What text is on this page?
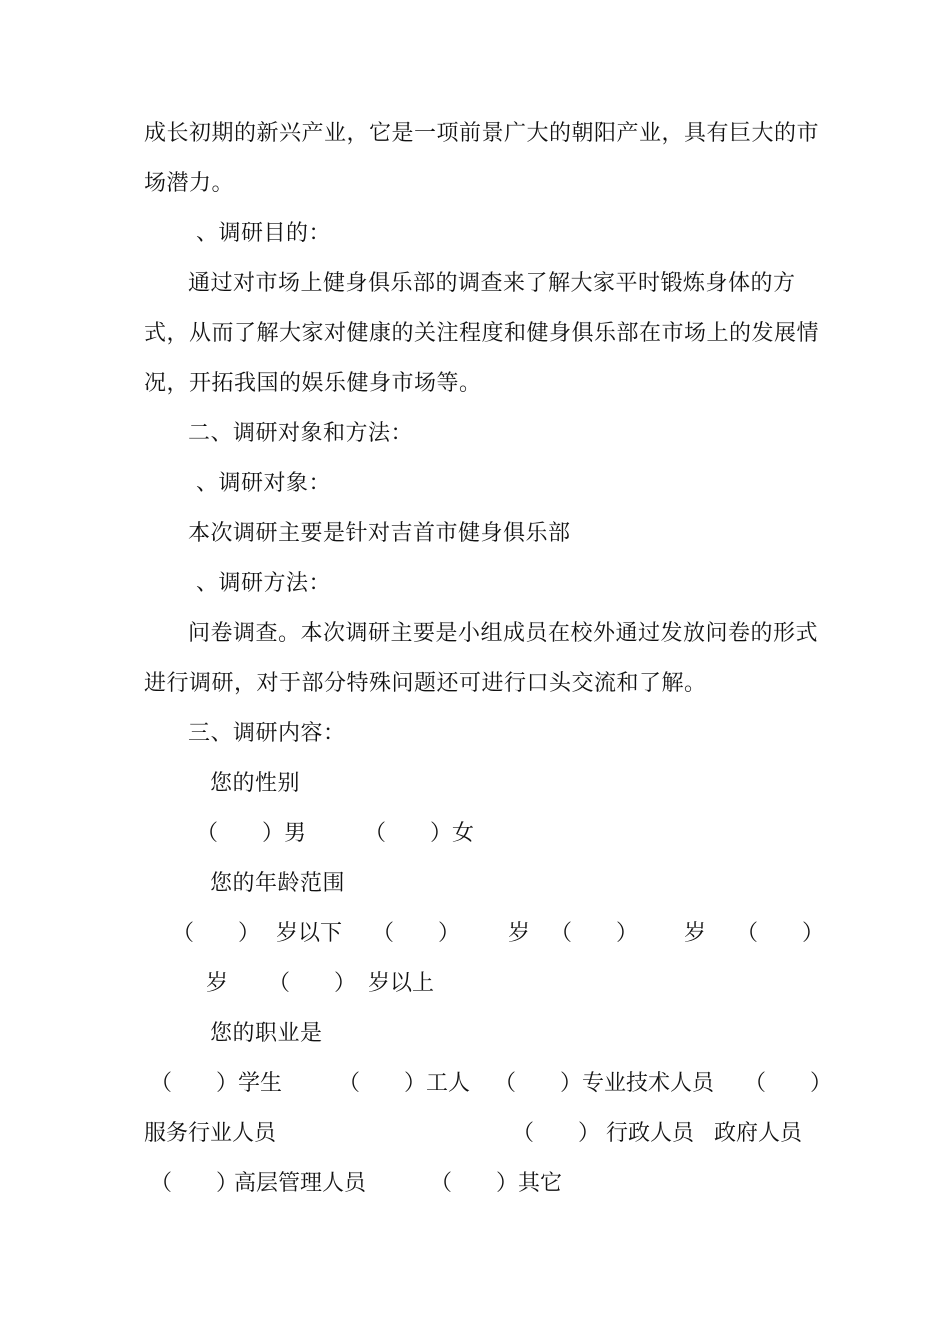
成长初期的新兴产业，它是一项前景广大的朝阳产业，具有巨大的市
场潜力。
、调研目的：
通过对市场上健身俱乐部的调查来了解大家平时锻炼身体的方
式，从而了解大家对健康的关注程度和健身俱乐部在市场上的发展情
况，开拓我国的娱乐健身市场等。
二、调研对象和方法：
、调研对象：
本次调研主要是针对吉首市健身俱乐部
、调研方法：
问卷调查。本次调研主要是小组成员在校外通过发放问卷的形式
进行调研，对于部分特殊问题还可进行口头交流和了解。
三、调研内容：
您的性别
（　　）男	（　　）女
您的年龄范围
（　　） 岁以下 （　　） 岁 （　　） 岁 （　　）
岁 （　　） 岁以上
您的职业是
（　　）学生	（　　）工人 （　　）专业技术人员 （　　）
服务行业人员	（　　） 行政人员 政府人员
（　　）
高层管理人员	（　　）其它
